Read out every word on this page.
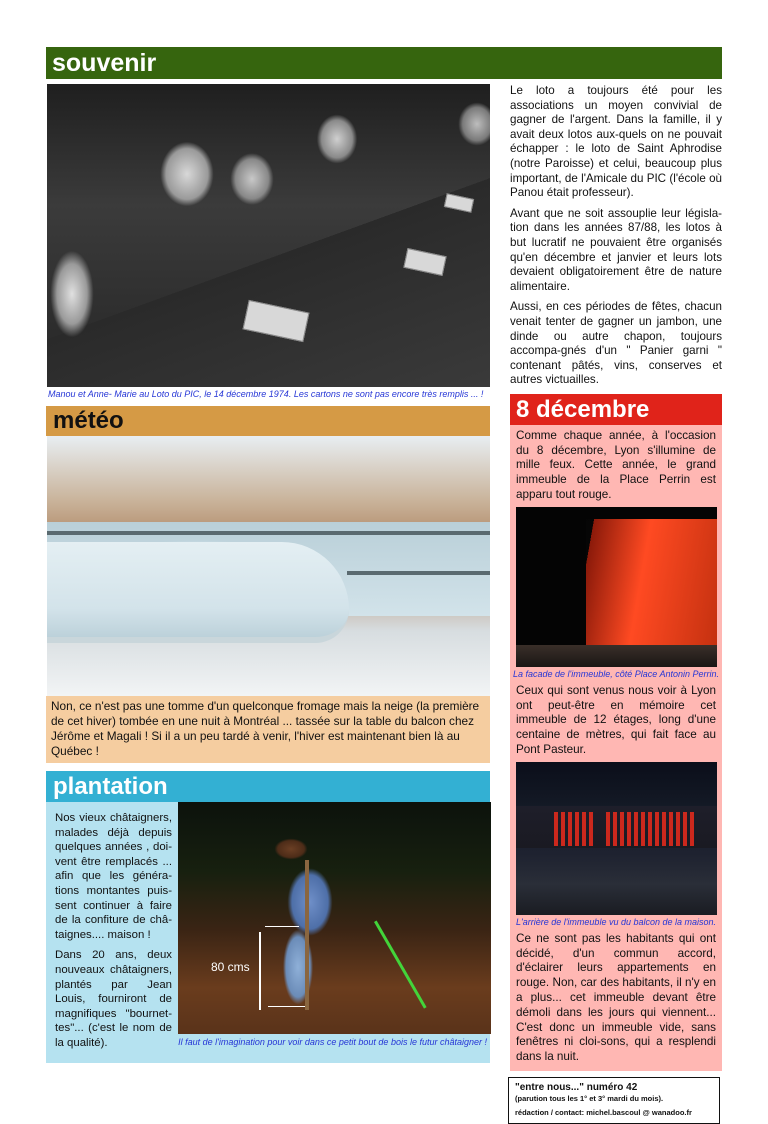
souvenir
Manou et Anne- Marie au Loto du PIC, le 14 décembre 1974. Les cartons ne sont pas encore très remplis ... !
météo
Non, ce n'est pas une tomme d'un quelconque fromage mais la neige (la première de cet hiver) tombée en une nuit à Montréal ... tassée sur la table du balcon chez Jérôme et Magali ! Si il a un peu tardé à venir, l'hiver est maintenant bien là au Québec !
plantation

Nos vieux châtaigners, malades déjà depuis quelques années , doi-vent être remplacés ... afin que les généra-tions montantes puis-sent continuer à faire de la confiture de châ-taignes.... maison !

Dans 20 ans, deux nouveaux châtaigners, plantés par Jean Louis, fourniront de magnifiques "bournet-tes"... (c'est le nom de la qualité).

80 cms
Il faut de l'imagination pour voir dans ce petit bout de bois le futur châtaigner !

Le loto a toujours été pour les associations un moyen convivial de gagner de l'argent. Dans la famille, il y avait deux lotos aux-quels on ne pouvait échapper : le loto de Saint Aphrodise (notre Paroisse) et celui, beaucoup plus important, de l'Amicale du PIC (l'école où Panou était professeur).

Avant que ne soit assouplie leur législa-tion dans les années 87/88, les lotos à but lucratif ne pouvaient être organisés qu'en décembre et janvier et leurs lots devaient obligatoirement être de nature alimentaire.

Aussi, en ces périodes de fêtes, chacun venait tenter de gagner un jambon, une dinde ou autre chapon, toujours accompa-gnés d'un " Panier garni " contenant pâtés, vins, conserves et autres victuailles.

8 décembre
Comme chaque année, à l'occasion du 8 décembre, Lyon s'illumine de mille feux. Cette année, le grand immeuble de la Place Perrin est apparu tout rouge.
La facade de l'immeuble, côté Place Antonin Perrin.
Ceux qui sont venus nous voir à Lyon ont peut-être en mémoire cet immeuble de 12 étages, long d'une centaine de mètres, qui fait face au Pont Pasteur.
L'arrière de l'immeuble vu du balcon de la maison.
Ce ne sont pas les habitants qui ont décidé, d'un commun accord, d'éclairer leurs appartements en rouge. Non, car des habitants, il n'y en a plus... cet immeuble devant être démoli dans les jours qui viennent... C'est donc un immeuble vide, sans fenêtres ni cloi-sons, qui a resplendi dans la nuit.
"entre nous..." numéro 42
(parution tous les 1° et 3° mardi du mois).
rédaction / contact: michel.bascoul @ wanadoo.fr
